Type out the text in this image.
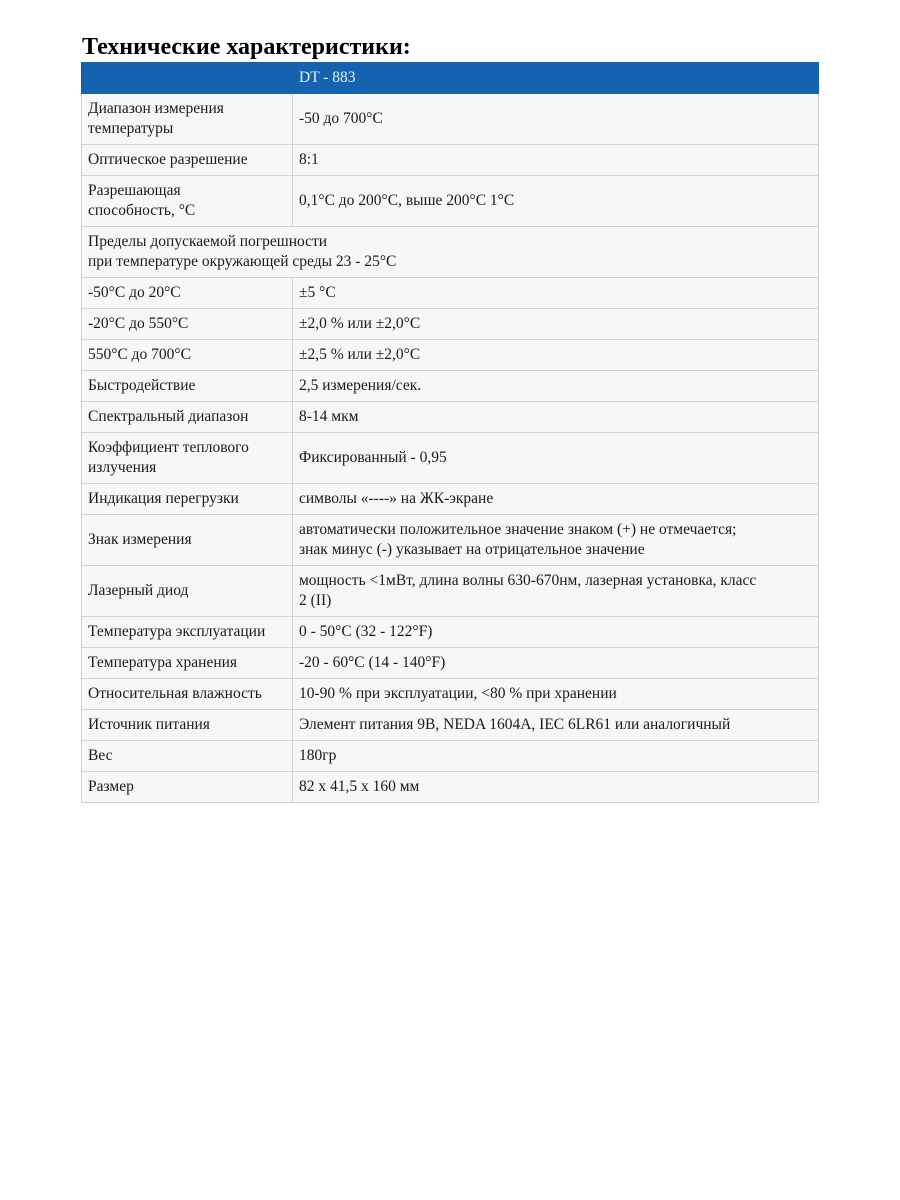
Технические характеристики:
	DT - 883
Диапазон измерения
температуры	-50 до 700°C
Оптическое разрешение	8:1
Разрешающая
способность, °C	0,1°C до 200°C, выше 200°C 1°C
Пределы допускаемой погрешности
при температуре окружающей среды 23 - 25°C	
-50°C до 20°C	±5 °C
-20°C до 550°C	±2,0 % или ±2,0°C
550°C до 700°C	±2,5 % или ±2,0°C
Быстродействие	2,5 измерения/сек.
Спектральный диапазон	8-14 мкм
Коэффициент теплового
излучения	Фиксированный - 0,95
Индикация перегрузки	символы «----» на ЖК-экране
Знак измерения	автоматически положительное значение знаком (+) не отмечается;
знак минус (-) указывает на отрицательное значение
Лазерный диод	мощность <1мВт, длина волны 630-670нм, лазерная установка, класс
2 (II)
Температура эксплуатации	0 - 50°C (32 - 122°F)
Температура хранения	-20 - 60°C (14 - 140°F)
Относительная влажность	10-90 % при эксплуатации, <80 % при хранении
Источник питания	Элемент питания 9В, NEDA 1604A, IEC 6LR61 или аналогичный
Вес	180гр
Размер	82 x 41,5 x 160 мм
